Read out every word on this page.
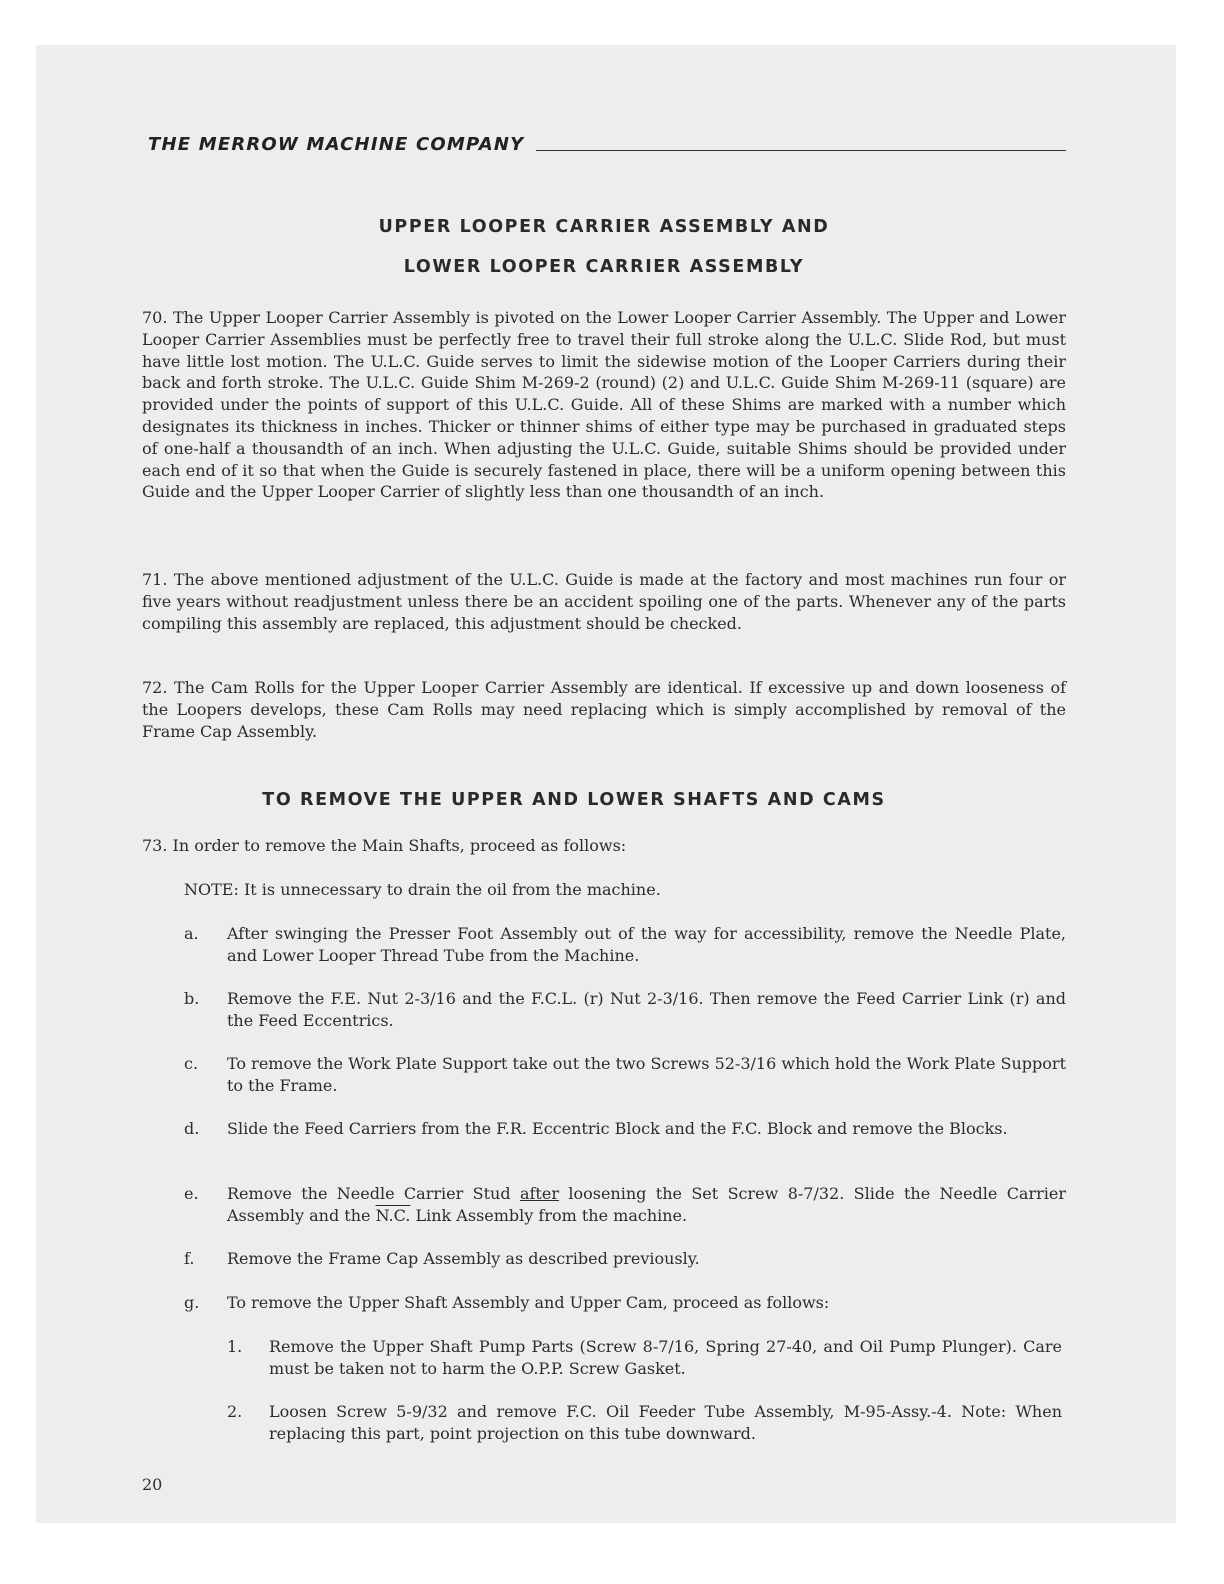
THE MERROW MACHINE COMPANY
UPPER LOOPER CARRIER ASSEMBLY AND
LOWER LOOPER CARRIER ASSEMBLY

70. The Upper Looper Carrier Assembly is pivoted on the Lower Looper Carrier Assembly. The Upper and Lower Looper Carrier Assemblies must be perfectly free to travel their full stroke along the U.L.C. Slide Rod, but must have little lost motion. The U.L.C. Guide serves to limit the sidewise motion of the Looper Carriers during their back and forth stroke. The U.L.C. Guide Shim M-269-2 (round) (2) and U.L.C. Guide Shim M-269-11 (square) are provided under the points of support of this U.L.C. Guide. All of these Shims are marked with a number which designates its thickness in inches. Thicker or thinner shims of either type may be purchased in graduated steps of one-half a thousandth of an inch. When adjusting the U.L.C. Guide, suitable Shims should be provided under each end of it so that when the Guide is securely fastened in place, there will be a uniform opening between this Guide and the Upper Looper Carrier of slightly less than one thousandth of an inch.

71. The above mentioned adjustment of the U.L.C. Guide is made at the factory and most machines run four or five years without readjustment unless there be an accident spoiling one of the parts. Whenever any of the parts compiling this assembly are replaced, this adjustment should be checked.

72. The Cam Rolls for the Upper Looper Carrier Assembly are identical. If excessive up and down looseness of the Loopers develops, these Cam Rolls may need replacing which is simply accomplished by removal of the Frame Cap Assembly.

TO REMOVE THE UPPER AND LOWER SHAFTS AND CAMS

73. In order to remove the Main Shafts, proceed as follows:

NOTE: It is unnecessary to drain the oil from the machine.

a.	After swinging the Presser Foot Assembly out of the way for accessibility, remove the Needle Plate, and Lower Looper Thread Tube from the Machine.
b.	Remove the F.E. Nut 2-3/16 and the F.C.L. (r) Nut 2-3/16. Then remove the Feed Carrier Link (r) and the Feed Eccentrics.
c.	To remove the Work Plate Support take out the two Screws 52-3/16 which hold the Work Plate Support to the Frame.
d.	Slide the Feed Carriers from the F.R. Eccentric Block and the F.C. Block and remove the Blocks.
e.	Remove the Needle Carrier Stud after loosening the Set Screw 8-7/32. Slide the Needle Carrier Assembly and the N.C. Link Assembly from the machine.
f.	Remove the Frame Cap Assembly as described previously.
g.	To remove the Upper Shaft Assembly and Upper Cam, proceed as follows:
1.	Remove the Upper Shaft Pump Parts (Screw 8-7/16, Spring 27-40, and Oil Pump Plunger). Care must be taken not to harm the O.P.P. Screw Gasket.
2.	Loosen Screw 5-9/32 and remove F.C. Oil Feeder Tube Assembly, M-95-Assy.-4. Note: When replacing this part, point projection on this tube downward.
20
